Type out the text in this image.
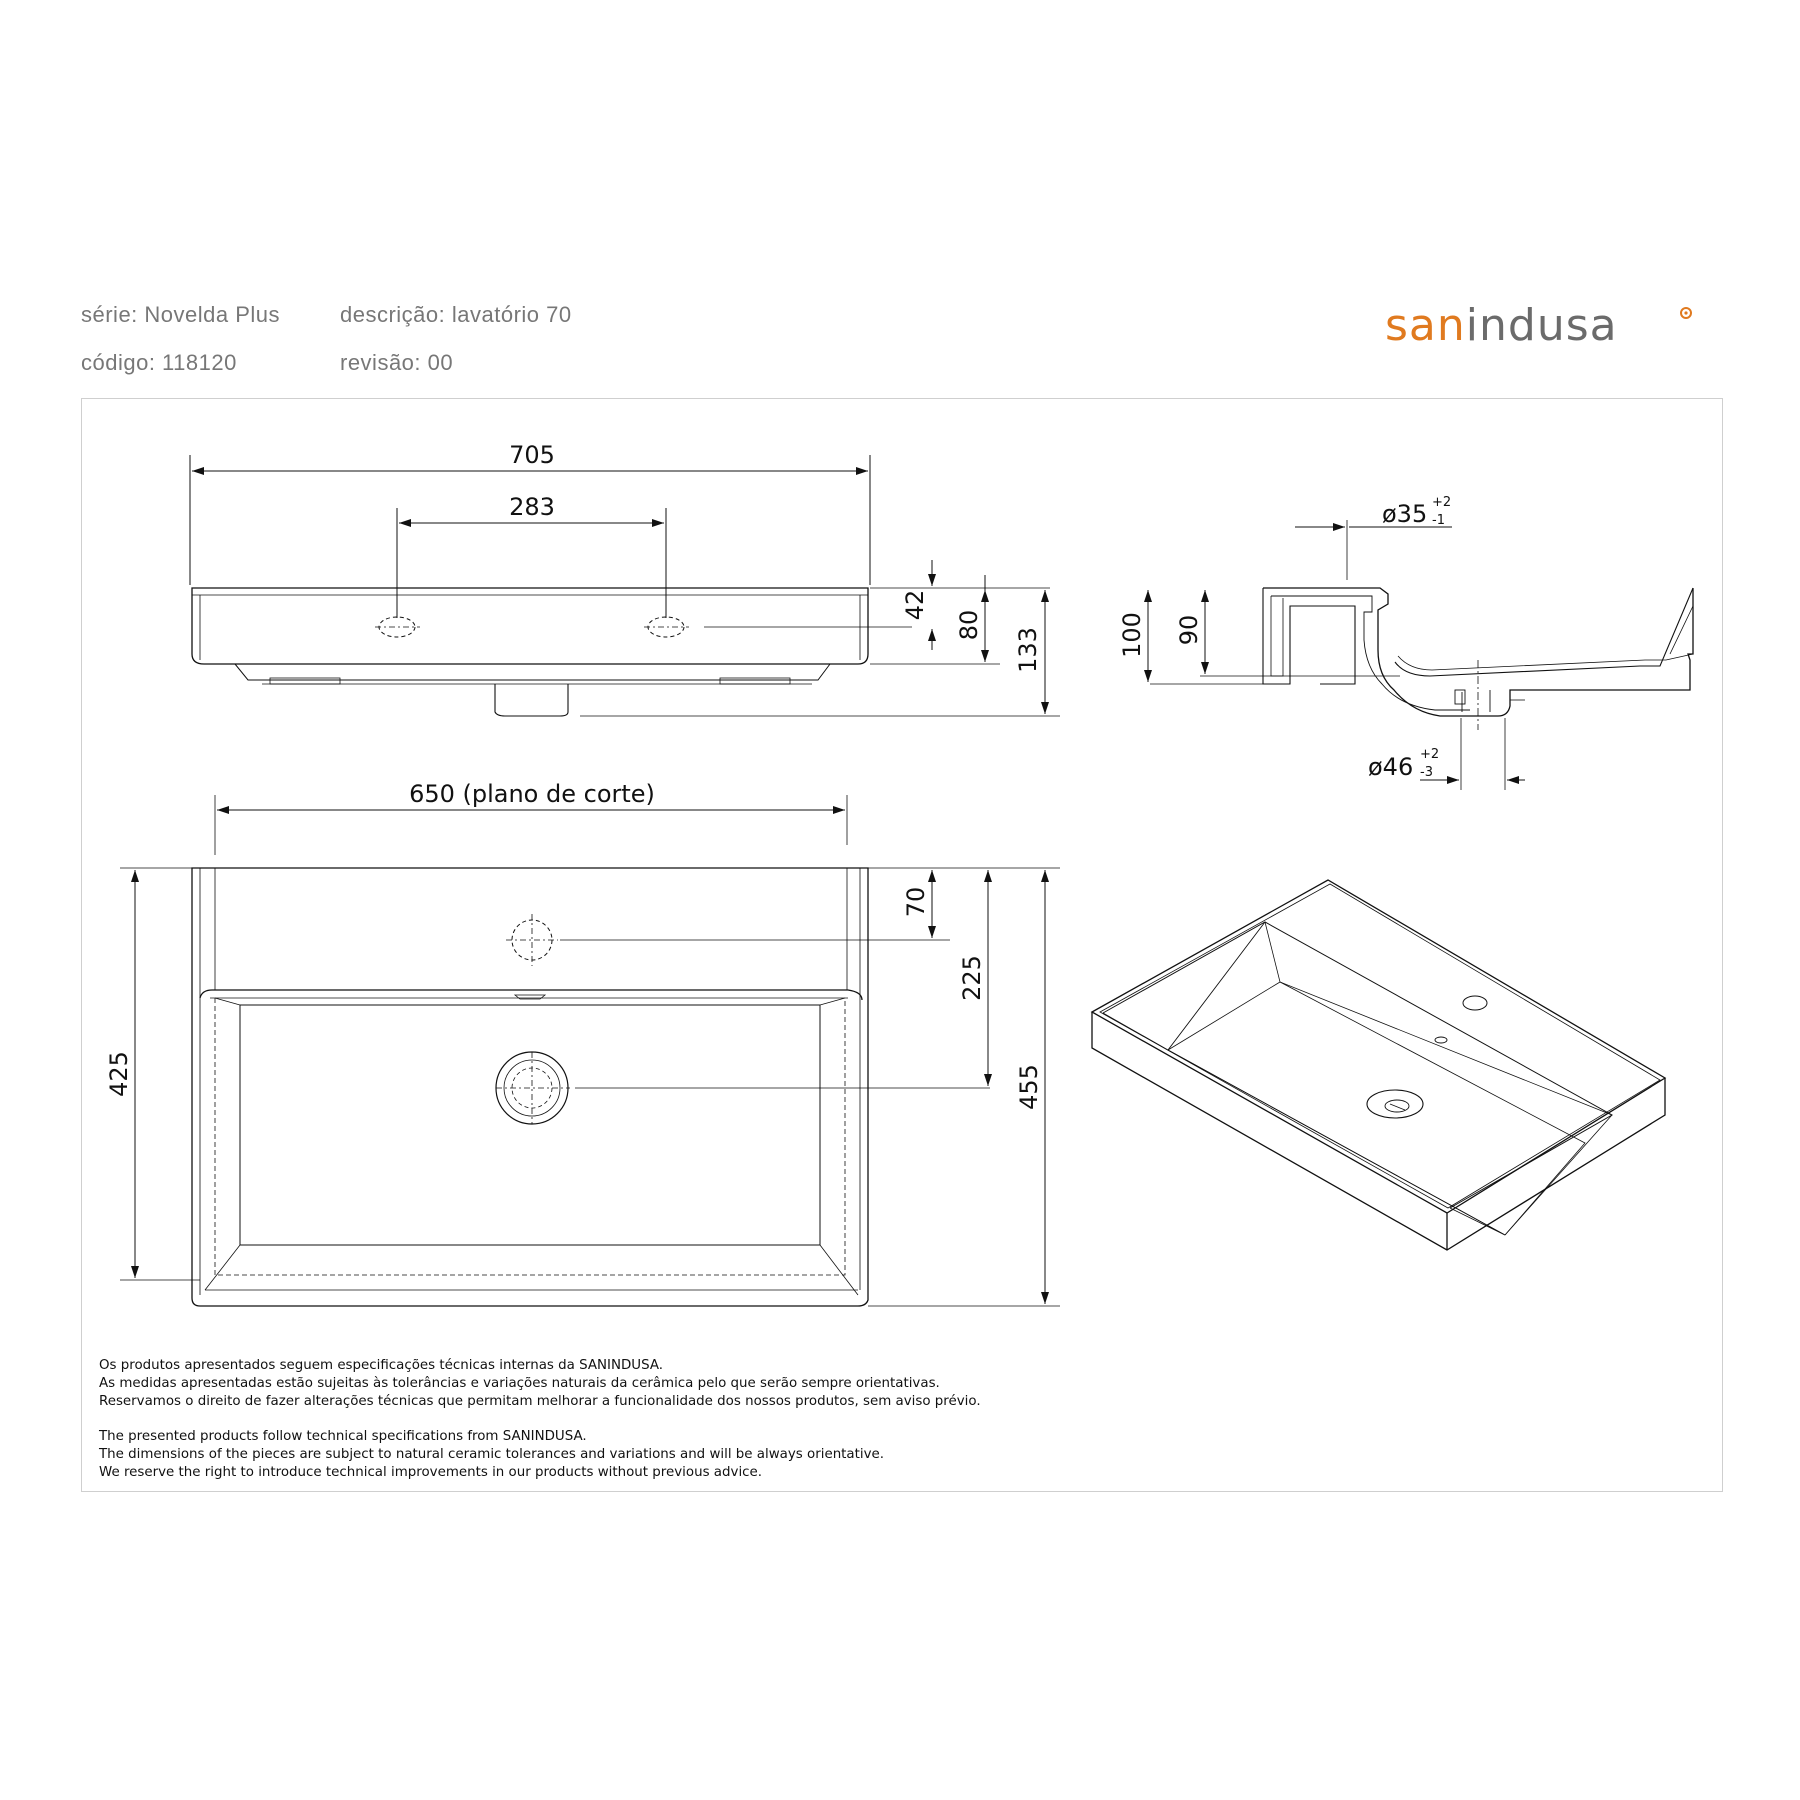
série: Novelda Plus	descrição: lavatório 70
código: 118120	revisão: 00
sanindusa
705
283
42
80
133
ø35 +2
-1
ø46 +2
-3
100 90
650 (plano de corte)
425
70
225
455
Os produtos apresentados seguem especificações técnicas internas da SANINDUSA.
As medidas apresentadas estão sujeitas às tolerâncias e variações naturais da cerâmica pelo que serão sempre orientativas.
Reservamos o direito de fazer alterações técnicas que permitam melhorar a funcionalidade dos nossos produtos, sem aviso prévio.
The presented products follow technical specifications from SANINDUSA.
The dimensions of the pieces are subject to natural ceramic tolerances and variations and will be always orientative.
We reserve the right to introduce technical improvements in our products without previous advice.
